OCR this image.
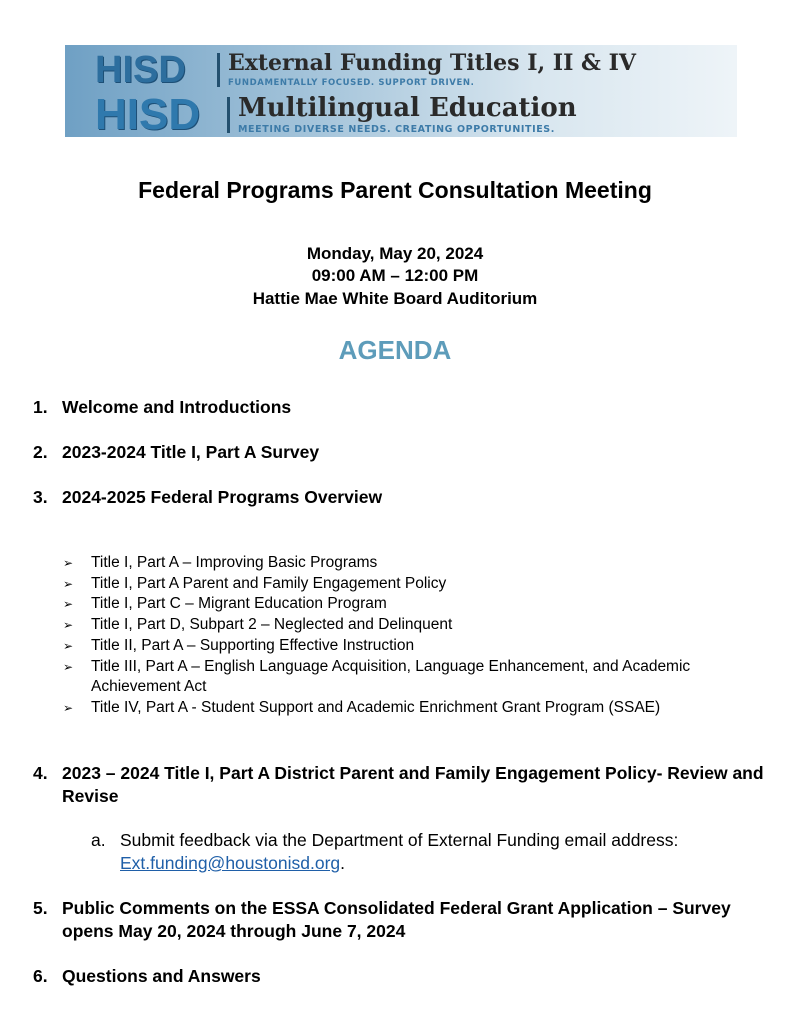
HISD	External Funding Titles I, II & IV
FUNDAMENTALLY FOCUSED. SUPPORT DRIVEN.
HISD	Multilingual Education
MEETING DIVERSE NEEDS. CREATING OPPORTUNITIES.
Federal Programs Parent Consultation Meeting
Monday, May 20, 2024
09:00 AM – 12:00 PM
Hattie Mae White Board Auditorium
AGENDA
1. Welcome and Introductions
2. 2023-2024 Title I, Part A Survey
3. 2024-2025 Federal Programs Overview
➢	Title I, Part A – Improving Basic Programs
➢	Title I, Part A Parent and Family Engagement Policy
➢	Title I, Part C – Migrant Education Program
➢	Title I, Part D, Subpart 2 – Neglected and Delinquent
➢	Title II, Part A – Supporting Effective Instruction
➢	Title III, Part A – English Language Acquisition, Language Enhancement, and Academic Achievement Act
➢	Title IV, Part A - Student Support and Academic Enrichment Grant Program (SSAE)
4. 2023 – 2024 Title I, Part A District Parent and Family Engagement Policy- Review and Revise
a. Submit feedback via the Department of External Funding email address:
Ext.funding@houstonisd.org.
5. Public Comments on the ESSA Consolidated Federal Grant Application – Survey opens May 20, 2024 through June 7, 2024
6. Questions and Answers
